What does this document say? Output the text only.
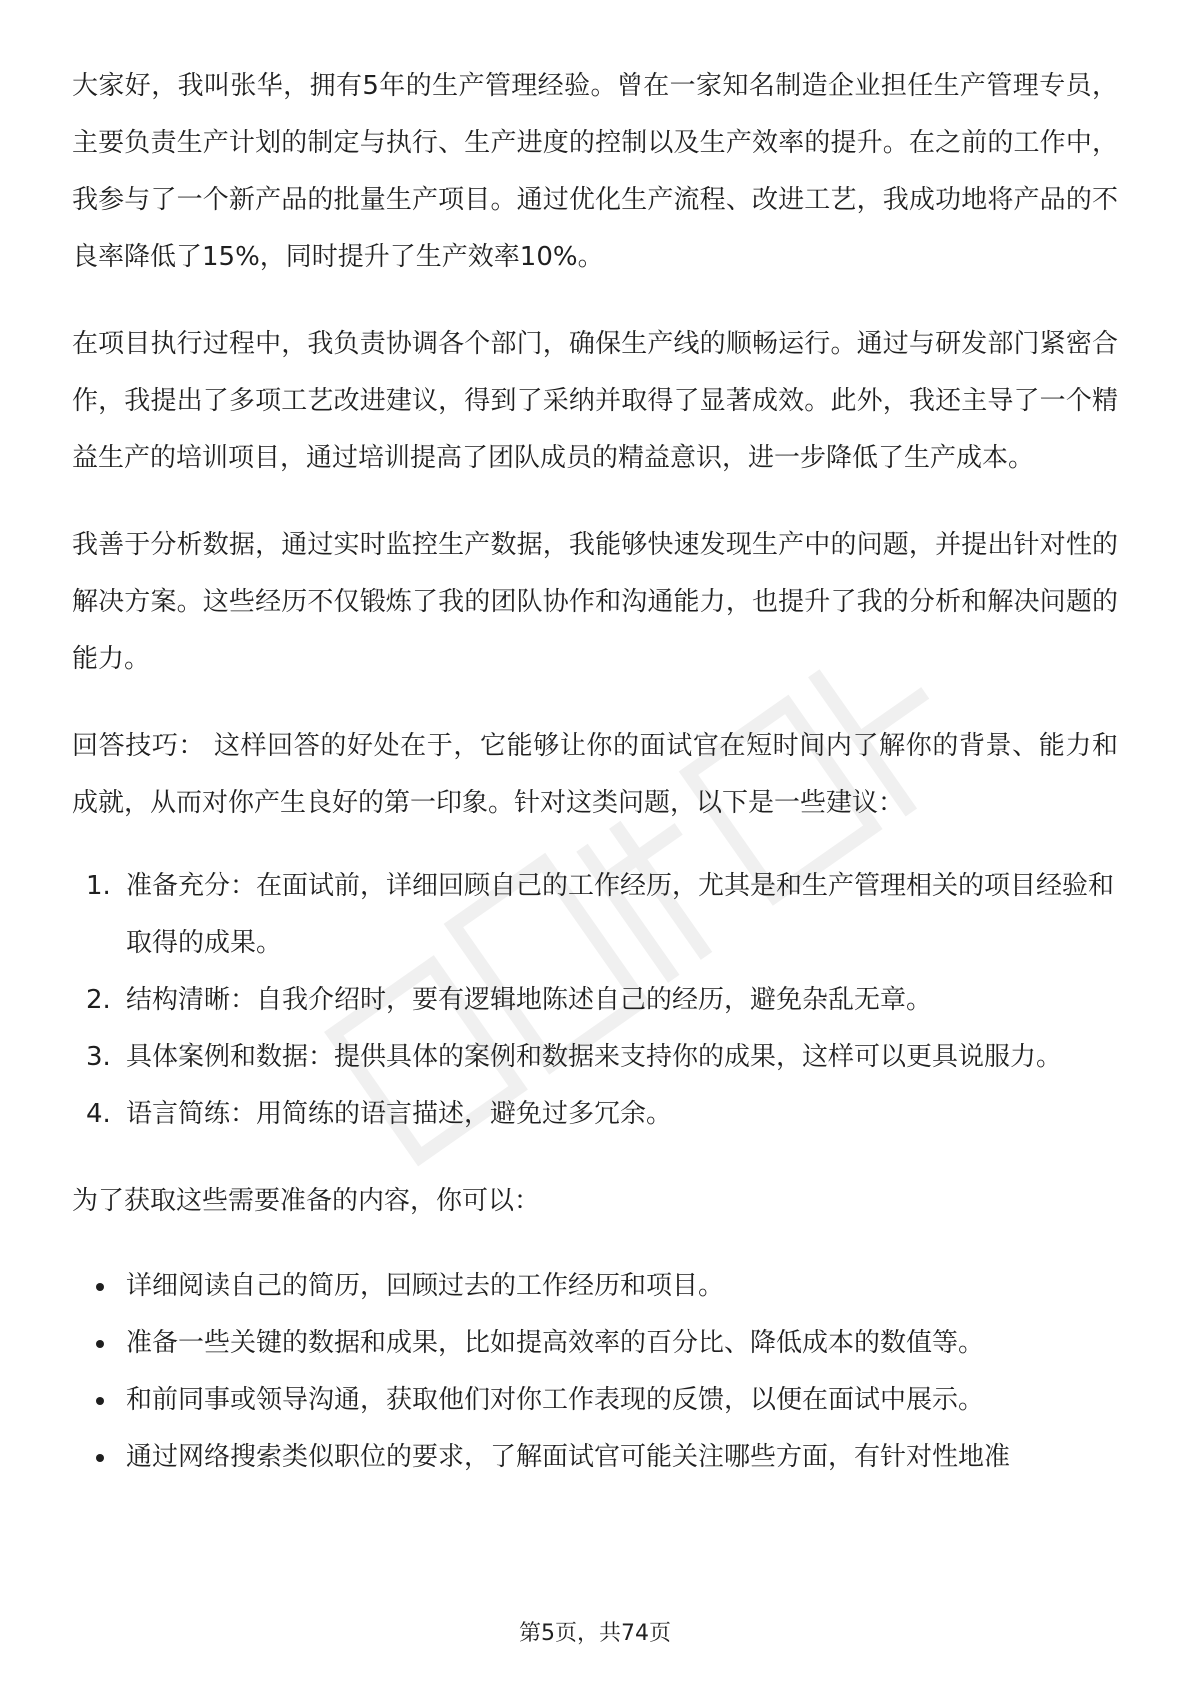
大家好，我叫张华，拥有5年的生产管理经验。曾在一家知名制造企业担任生产管理专员，主要负责生产计划的制定与执行、生产进度的控制以及生产效率的提升。在之前的工作中，我参与了一个新产品的批量生产项目。通过优化生产流程、改进工艺，我成功地将产品的不良率降低了15%，同时提升了生产效率10%。

在项目执行过程中，我负责协调各个部门，确保生产线的顺畅运行。通过与研发部门紧密合作，我提出了多项工艺改进建议，得到了采纳并取得了显著成效。此外，我还主导了一个精益生产的培训项目，通过培训提高了团队成员的精益意识，进一步降低了生产成本。

我善于分析数据，通过实时监控生产数据，我能够快速发现生产中的问题，并提出针对性的解决方案。这些经历不仅锻炼了我的团队协作和沟通能力，也提升了我的分析和解决问题的能力。

回答技巧： 这样回答的好处在于，它能够让你的面试官在短时间内了解你的背景、能力和成就，从而对你产生良好的第一印象。针对这类问题，以下是一些建议：

1. 准备充分：在面试前，详细回顾自己的工作经历，尤其是和生产管理相关的项目经验和取得的成果。
2. 结构清晰：自我介绍时，要有逻辑地陈述自己的经历，避免杂乱无章。
3. 具体案例和数据：提供具体的案例和数据来支持你的成果，这样可以更具说服力。
4. 语言简练：用简练的语言描述，避免过多冗余。

为了获取这些需要准备的内容，你可以：

详细阅读自己的简历，回顾过去的工作经历和项目。
准备一些关键的数据和成果，比如提高效率的百分比、降低成本的数值等。
和前同事或领导沟通，获取他们对你工作表现的反馈，以便在面试中展示。
通过网络搜索类似职位的要求，了解面试官可能关注哪些方面，有针对性地准
第5页，共74页
